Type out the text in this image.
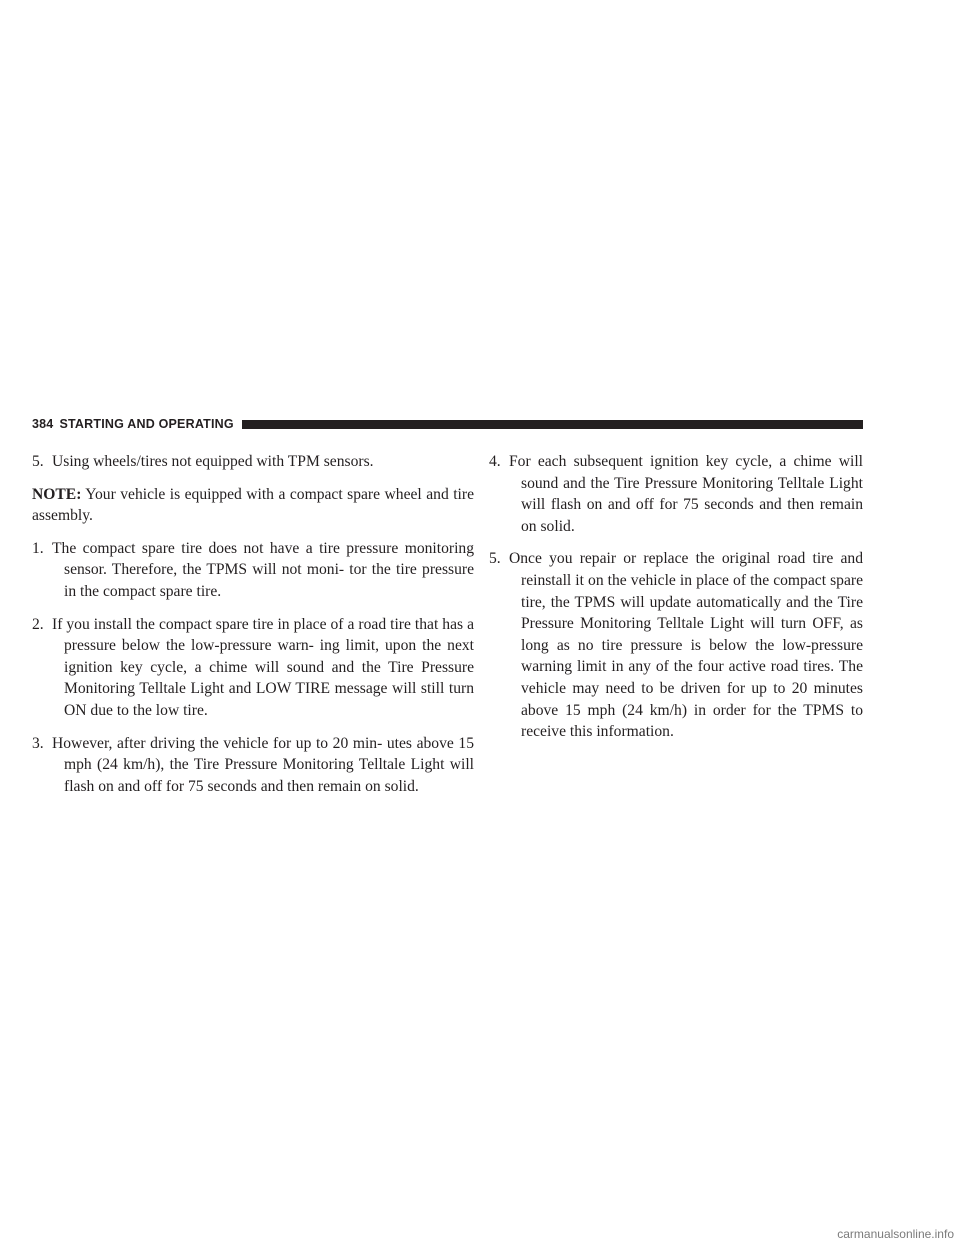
384 STARTING AND OPERATING

5. Using wheels/tires not equipped with TPM sensors.

NOTE: Your vehicle is equipped with a compact spare wheel and tire assembly.

1. The compact spare tire does not have a tire pressure monitoring sensor. Therefore, the TPMS will not moni- tor the tire pressure in the compact spare tire.

2. If you install the compact spare tire in place of a road tire that has a pressure below the low-pressure warn- ing limit, upon the next ignition key cycle, a chime will sound and the Tire Pressure Monitoring Telltale Light and LOW TIRE message will still turn ON due to the low tire.

3. However, after driving the vehicle for up to 20 min- utes above 15 mph (24 km/h), the Tire Pressure Monitoring Telltale Light will flash on and off for 75 seconds and then remain on solid.

4. For each subsequent ignition key cycle, a chime will sound and the Tire Pressure Monitoring Telltale Light will flash on and off for 75 seconds and then remain on solid.

5. Once you repair or replace the original road tire and reinstall it on the vehicle in place of the compact spare tire, the TPMS will update automatically and the Tire Pressure Monitoring Telltale Light will turn OFF, as long as no tire pressure is below the low-pressure warning limit in any of the four active road tires. The vehicle may need to be driven for up to 20 minutes above 15 mph (24 km/h) in order for the TPMS to receive this information.

carmanualsonline.info
